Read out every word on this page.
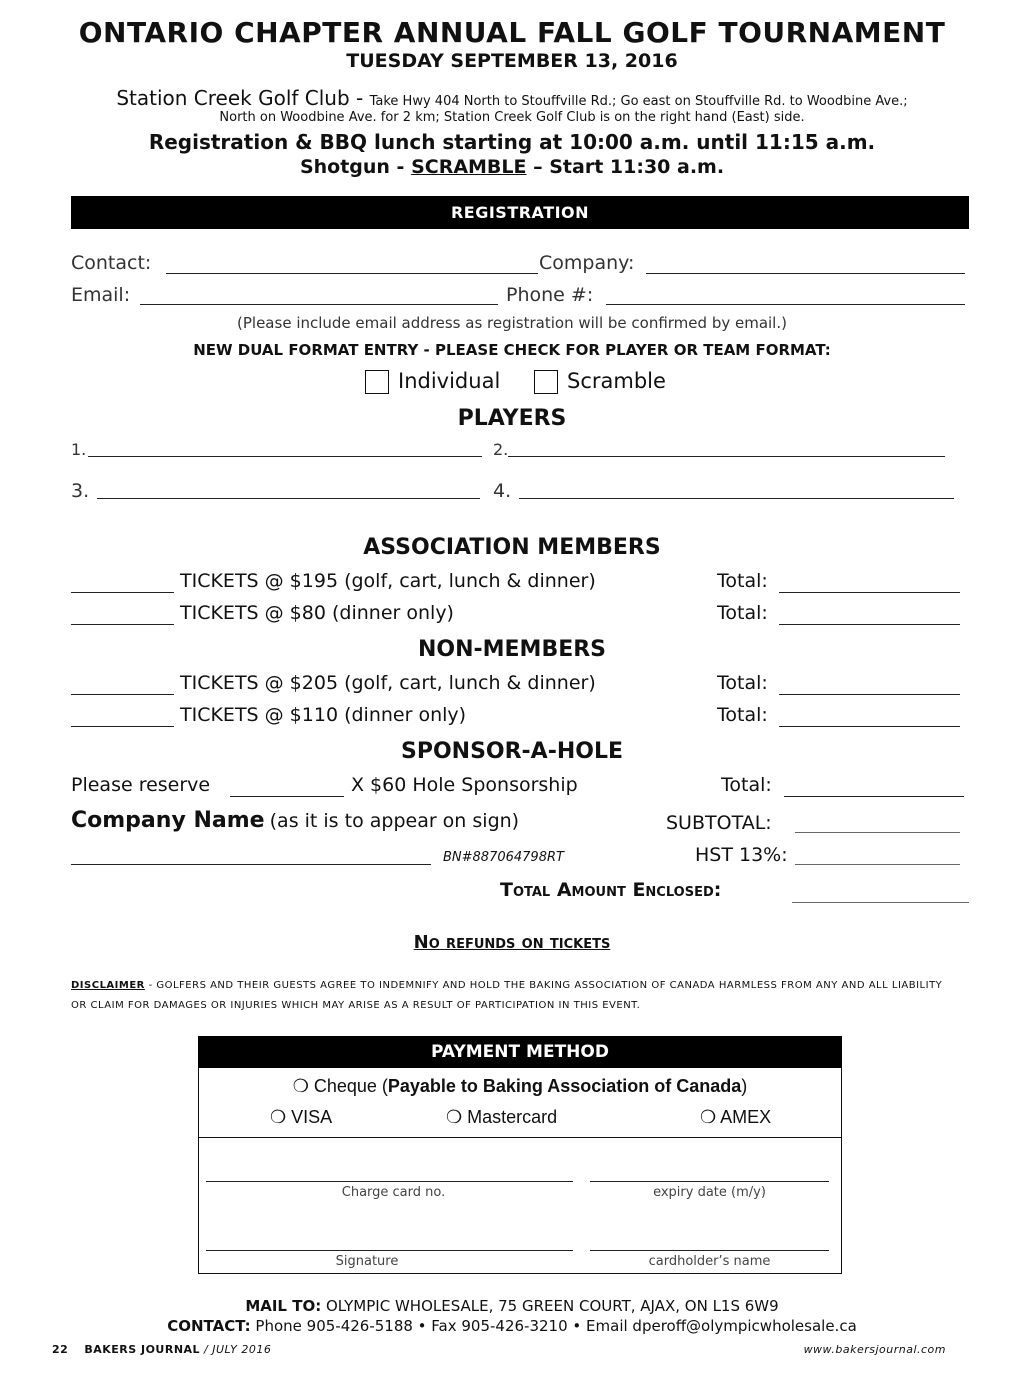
ONTARIO CHAPTER ANNUAL FALL GOLF TOURNAMENT
TUESDAY SEPTEMBER 13, 2016
Station Creek Golf Club - Take Hwy 404 North to Stouffville Rd.; Go east on Stouffville Rd. to Woodbine Ave.;
North on Woodbine Ave. for 2 km; Station Creek Golf Club is on the right hand (East) side.
Registration & BBQ lunch starting at 10:00 a.m. until 11:15 a.m.
Shotgun - SCRAMBLE – Start 11:30 a.m.
REGISTRATION
Contact:	Company:
Email:	Phone #:
(Please include email address as registration will be confirmed by email.)
NEW DUAL FORMAT ENTRY - PLEASE CHECK FOR PLAYER OR TEAM FORMAT:
Individual	Scramble
PLAYERS
1.	2.
3.	4.
ASSOCIATION MEMBERS
TICKETS @ $195 (golf, cart, lunch & dinner)	Total:
TICKETS @ $80 (dinner only)	Total:
NON-MEMBERS
TICKETS @ $205 (golf, cart, lunch & dinner)	Total:
TICKETS @ $110 (dinner only)	Total:
SPONSOR-A-HOLE
Please reserve	X $60 Hole Sponsorship	Total:
Company Name (as it is to appear on sign)	SUBTOTAL:
BN#887064798RT	HST 13%:
Total Amount Enclosed:
No refunds on tickets
DISCLAIMER - GOLFERS AND THEIR GUESTS AGREE TO INDEMNIFY AND HOLD THE BAKING ASSOCIATION OF CANADA HARMLESS FROM ANY AND ALL LIABILITY OR CLAIM FOR DAMAGES OR INJURIES WHICH MAY ARISE AS A RESULT OF PARTICIPATION IN THIS EVENT.
PAYMENT METHOD
❍ Cheque (Payable to Baking Association of Canada)
❍ VISA	❍ Mastercard	❍ AMEX
Charge card no.	expiry date (m/y)
Signature	cardholder’s name
MAIL TO: OLYMPIC WHOLESALE, 75 GREEN COURT, AJAX, ON L1S 6W9
CONTACT: Phone 905-426-5188 • Fax 905-426-3210 • Email dperoff@olympicwholesale.ca
22 BAKERS JOURNAL / JULY 2016	www.bakersjournal.com
